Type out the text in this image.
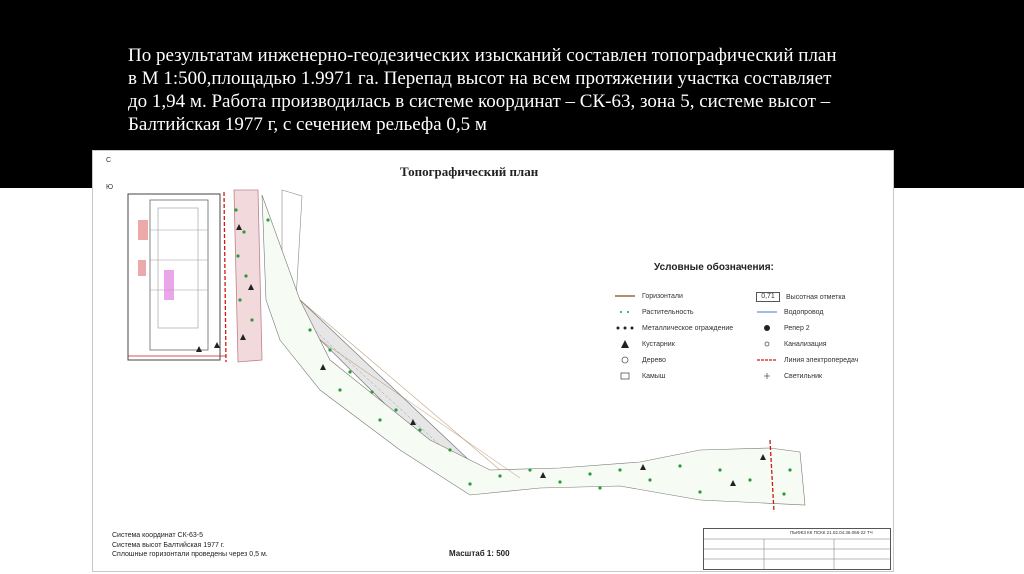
По результатам инженерно-геодезических изысканий составлен топографический план
в М 1:500,площадью 1.9971 га. Перепад высот на всем протяжении участка составляет
до 1,94 м. Работа производилась в системе координат – СК-63, зона 5, системе высот –
Балтийская 1977 г, с сечением рельефа 0,5 м
С
Ю
Топографический план
Условные обозначения:
Горизонтали
Растительность
Металлическое ограждение
Кустарник
Дерево
Камыш
0,71	Высотная отметка
Водопровод
Репер 2
Канализация
Линия электропередач
Светильник
Система координат СК-63-5
Система высот Балтийская 1977 г.
Сплошные горизонтали проведены через 0,5 м.	Масштаб 1: 500
ПЫФКЗ КК ПСКК 21.02.04.36.068-22 ТЧ
